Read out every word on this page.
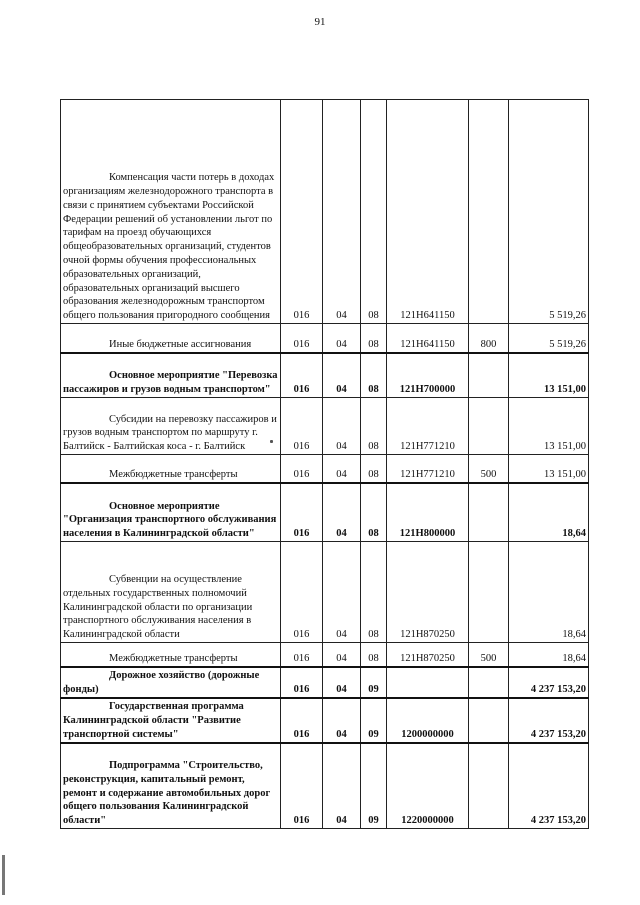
91
Компенсация части потерь в доходах организациям железнодорожного транспорта в связи с принятием субъектами Российской Федерации решений об установлении льгот по тарифам на проезд обучающихся общеобразовательных организаций, студентов очной формы обучения профессиональных образовательных организаций, образовательных организаций высшего образования железнодорожным транспортом общего пользования пригородного сообщения	016	04	08	121Н641150		5 519,26
Иные бюджетные ассигнования	016	04	08	121Н641150	800	5 519,26
Основное мероприятие "Перевозка пассажиров и грузов водным транспортом"	016	04	08	121Н700000		13 151,00
Субсидии на перевозку пассажиров и грузов водным транспортом по маршруту г. Балтийск - Балтийская коса - г. Балтийск	016	04	08	121Н771210		13 151,00
Межбюджетные трансферты	016	04	08	121Н771210	500	13 151,00
Основное мероприятие "Организация транспортного обслуживания населения в Калининградской области"	016	04	08	121Н800000		18,64
Субвенции на осуществление отдельных государственных полномочий Калининградской области по организации транспортного обслуживания населения в Калининградской области	016	04	08	121Н870250		18,64
Межбюджетные трансферты	016	04	08	121Н870250	500	18,64
Дорожное хозяйство (дорожные фонды)	016	04	09			4 237 153,20
Государственная программа Калининградской области "Развитие транспортной системы"	016	04	09	1200000000		4 237 153,20
Подпрограмма "Строительство, реконструкция, капитальный ремонт, ремонт и содержание автомобильных дорог общего пользования Калининградской области"	016	04	09	1220000000		4 237 153,20
